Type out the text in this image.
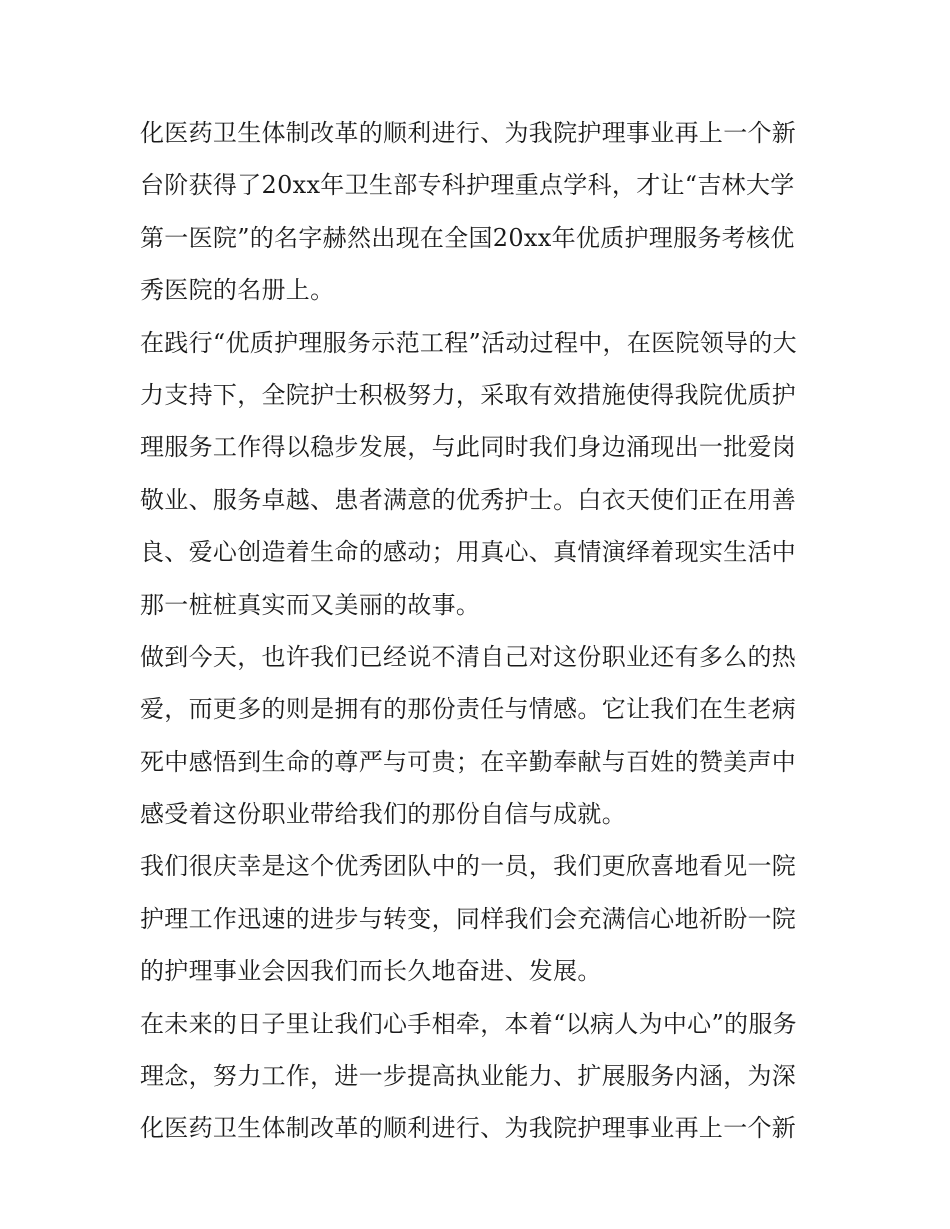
化医药卫生体制改革的顺利进行、为我院护理事业再上一个新
台阶获得了20xx年卫生部专科护理重点学科，才让“吉林大学
第一医院”的名字赫然出现在全国20xx年优质护理服务考核优
秀医院的名册上。
在践行“优质护理服务示范工程”活动过程中，在医院领导的大
力支持下，全院护士积极努力，采取有效措施使得我院优质护
理服务工作得以稳步发展，与此同时我们身边涌现出一批爱岗
敬业、服务卓越、患者满意的优秀护士。白衣天使们正在用善
良、爱心创造着生命的感动；用真心、真情演绎着现实生活中
那一桩桩真实而又美丽的故事。
做到今天，也许我们已经说不清自己对这份职业还有多么的热
爱，而更多的则是拥有的那份责任与情感。它让我们在生老病
死中感悟到生命的尊严与可贵；在辛勤奉献与百姓的赞美声中
感受着这份职业带给我们的那份自信与成就。
我们很庆幸是这个优秀团队中的一员，我们更欣喜地看见一院
护理工作迅速的进步与转变，同样我们会充满信心地祈盼一院
的护理事业会因我们而长久地奋进、发展。
在未来的日子里让我们心手相牵，本着“以病人为中心”的服务
理念，努力工作，进一步提高执业能力、扩展服务内涵，为深
化医药卫生体制改革的顺利进行、为我院护理事业再上一个新
